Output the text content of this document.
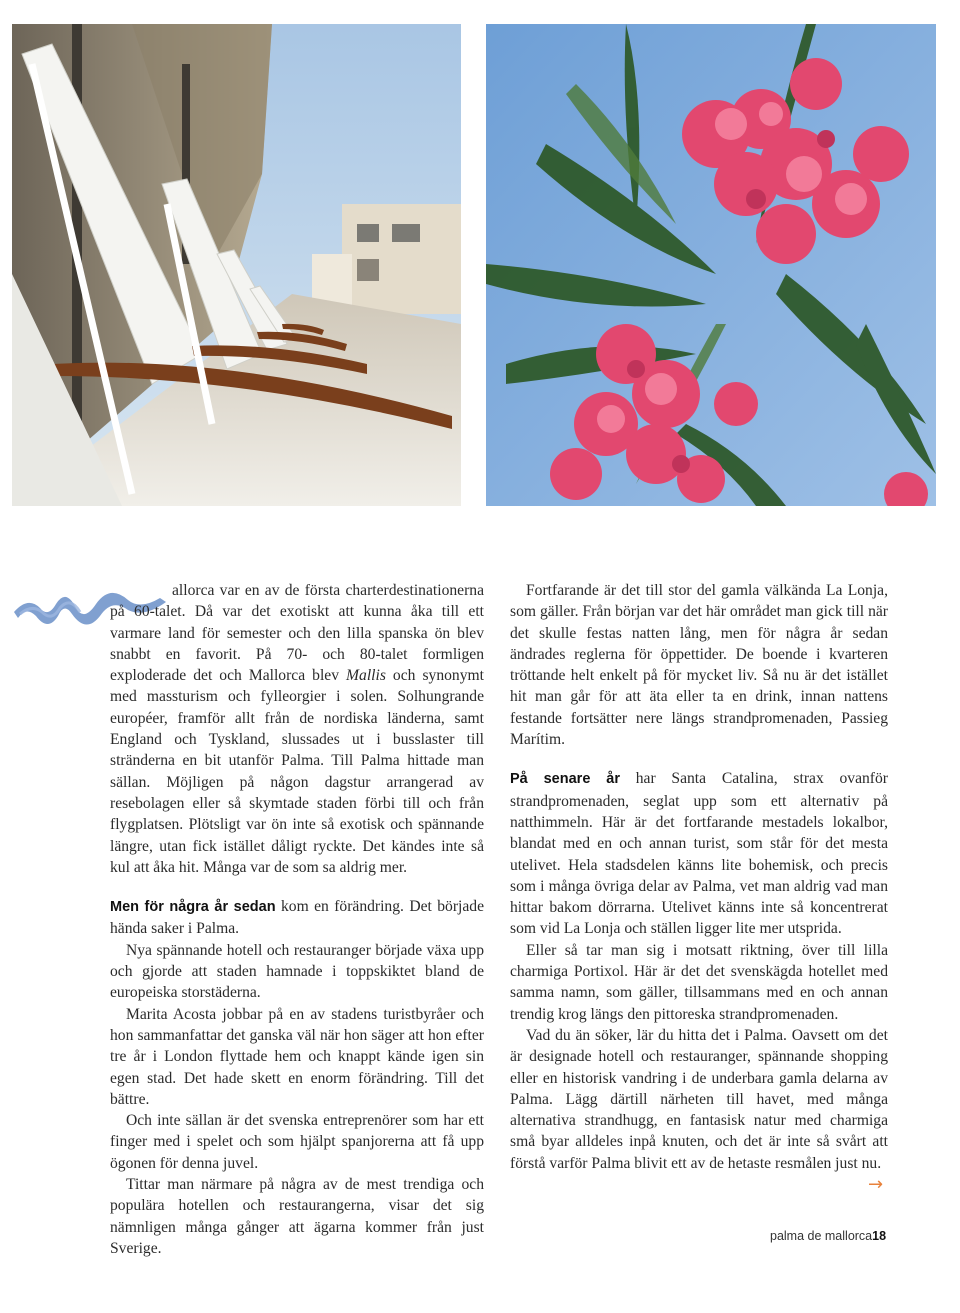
allorca var en av de första charterdestinationerna på 60-talet. Då var det exotiskt att kunna åka till ett varmare land för semester och den lilla spanska ön blev snabbt en favorit. På 70- och 80-talet formligen exploderade det och Mallorca blev Mallis och synonymt med massturism och fylleorgier i solen. Solhungrande européer, framför allt från de nordiska länderna, samt England och Tyskland, slussades ut i busslaster till stränderna en bit utanför Palma. Till Palma hittade man sällan. Möjligen på någon dagstur arrangerad av resebolagen eller så skymtade staden förbi till och från flygplatsen. Plötsligt var ön inte så exotisk och spännande längre, utan fick istället dåligt ryckte. Det kändes inte så kul att åka hit. Många var de som sa aldrig mer.

Men för några år sedan kom en förändring. Det började hända saker i Palma.

Nya spännande hotell och restauranger började växa upp och gjorde att staden hamnade i toppskiktet bland de europeiska storstäderna.

Marita Acosta jobbar på en av stadens turistbyråer och hon sammanfattar det ganska väl när hon säger att hon efter tre år i London flyttade hem och knappt kände igen sin egen stad. Det hade skett en enorm förändring. Till det bättre.

Och inte sällan är det svenska entreprenörer som har ett finger med i spelet och som hjälpt spanjorerna att få upp ögonen för denna juvel.

Tittar man närmare på några av de mest trendiga och populära hotellen och restaurangerna, visar det sig nämnligen många gånger att ägarna kommer från just Sverige.

Fortfarande är det till stor del gamla välkända La Lonja, som gäller. Från början var det här området man gick till när det skulle festas natten lång, men för några år sedan ändrades reglerna för öppettider. De boende i kvarteren tröttande helt enkelt på för mycket liv. Så nu är det istället hit man går för att äta eller ta en drink, innan nattens festande fortsätter nere längs strandpromenaden, Passieg Marítim.

På senare år har Santa Catalina, strax ovanför strandpromenaden, seglat upp som ett alternativ på natthimmeln. Här är det fortfarande mestadels lokalbor, blandat med en och annan turist, som står för det mesta utelivet. Hela stadsdelen känns lite bohemisk, och precis som i många övriga delar av Palma, vet man aldrig vad man hittar bakom dörrarna. Utelivet känns inte så koncentrerat som vid La Lonja och ställen ligger lite mer utsprida.

Eller så tar man sig i motsatt riktning, över till lilla charmiga Portixol. Här är det det svenskägda hotellet med samma namn, som gäller, tillsammans med en och annan trendig krog längs den pittoreska strandpromenaden.

Vad du än söker, lär du hitta det i Palma. Oavsett om det är designade hotell och restauranger, spännande shopping eller en historisk vandring i de underbara gamla delarna av Palma. Lägg därtill närheten till havet, med många alternativa strandhugg, en fantasisk natur med charmiga små byar alldeles inpå knuten, och det är inte så svårt att förstå varför Palma blivit ett av de hetaste resmålen just nu.

→
palma de mallorca18
